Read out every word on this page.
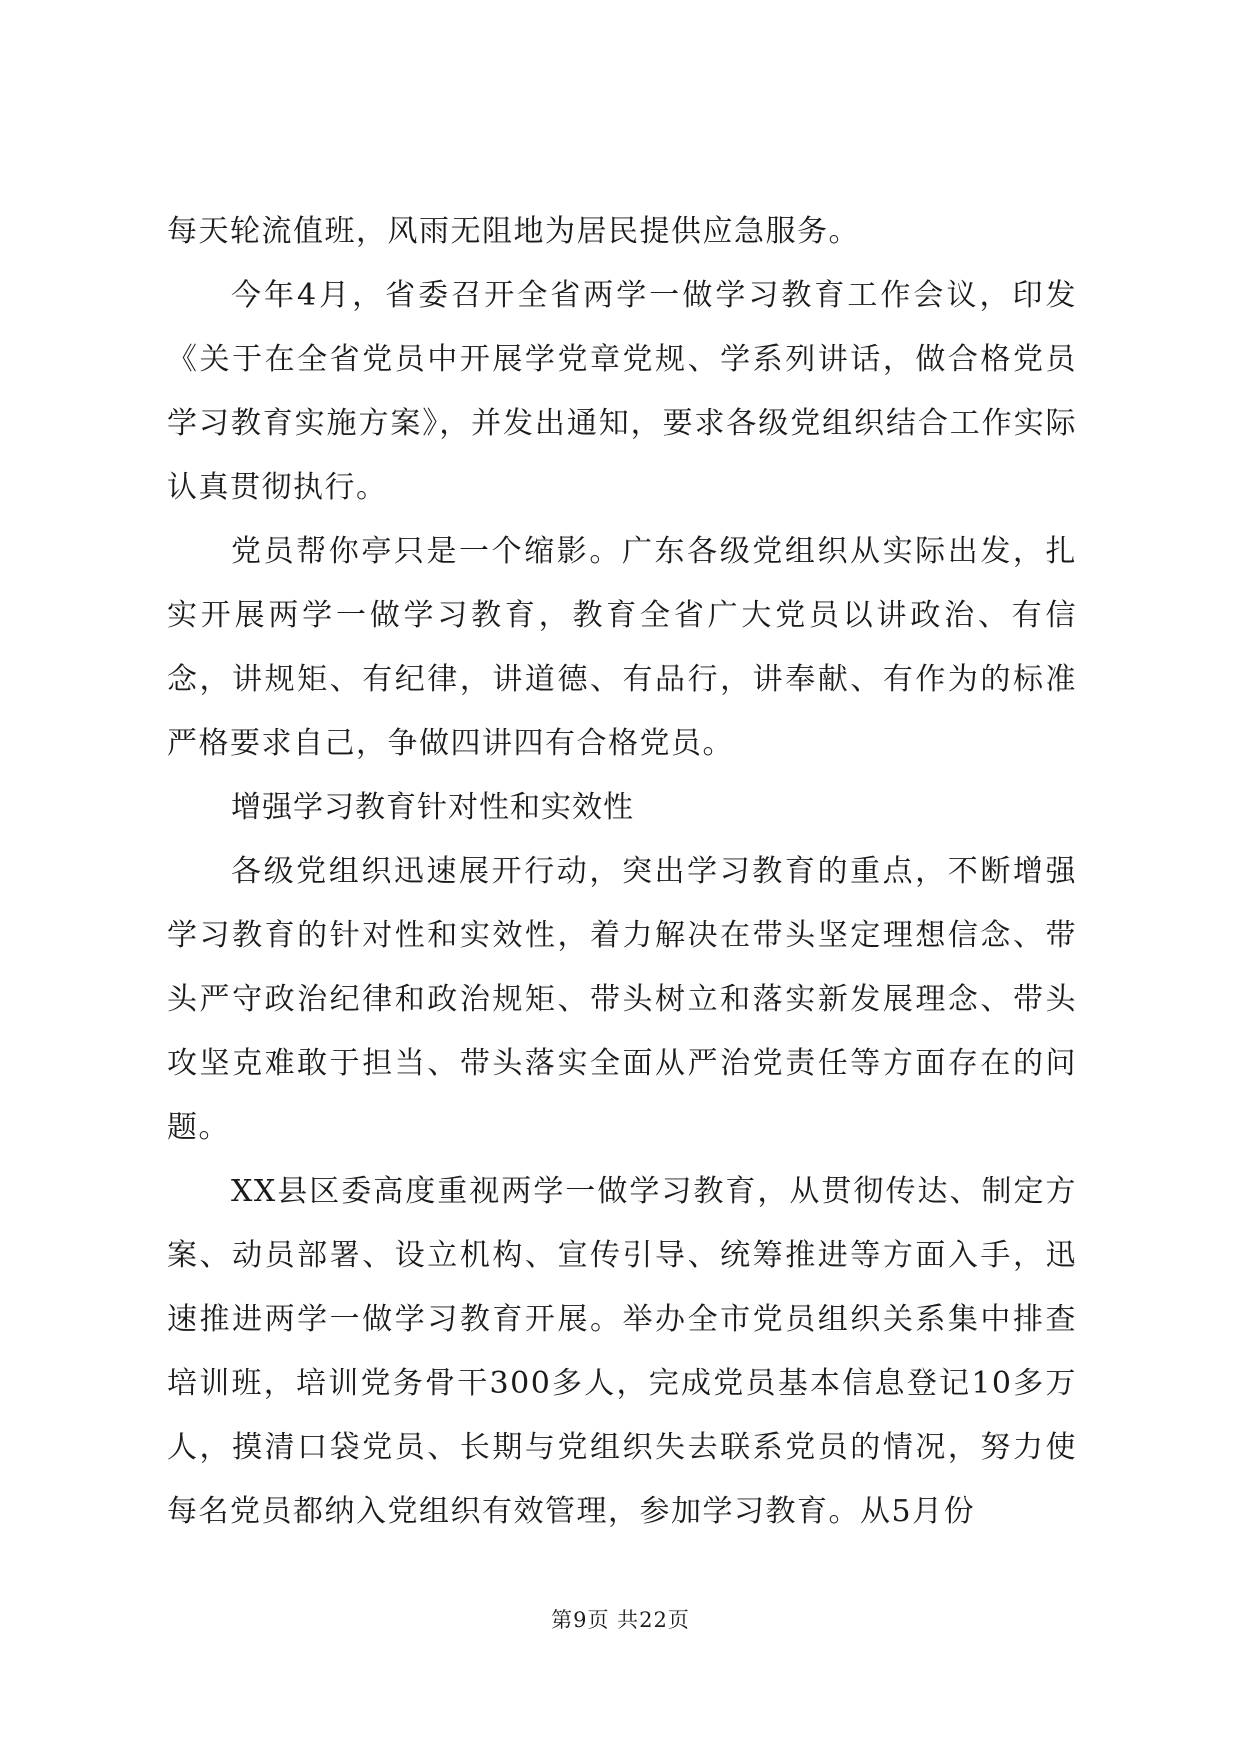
每天轮流值班，风雨无阻地为居民提供应急服务。

今年4月，省委召开全省两学一做学习教育工作会议，印发《关于在全省党员中开展学党章党规、学系列讲话，做合格党员学习教育实施方案》，并发出通知，要求各级党组织结合工作实际认真贯彻执行。

党员帮你亭只是一个缩影。广东各级党组织从实际出发，扎实开展两学一做学习教育，教育全省广大党员以讲政治、有信念，讲规矩、有纪律，讲道德、有品行，讲奉献、有作为的标准严格要求自己，争做四讲四有合格党员。

增强学习教育针对性和实效性

各级党组织迅速展开行动，突出学习教育的重点，不断增强学习教育的针对性和实效性，着力解决在带头坚定理想信念、带头严守政治纪律和政治规矩、带头树立和落实新发展理念、带头攻坚克难敢于担当、带头落实全面从严治党责任等方面存在的问题。

XX县区委高度重视两学一做学习教育，从贯彻传达、制定方案、动员部署、设立机构、宣传引导、统筹推进等方面入手，迅速推进两学一做学习教育开展。举办全市党员组织关系集中排查培训班，培训党务骨干300多人，完成党员基本信息登记10多万人，摸清口袋党员、长期与党组织失去联系党员的情况，努力使每名党员都纳入党组织有效管理，参加学习教育。从5月份

第9页 共22页
